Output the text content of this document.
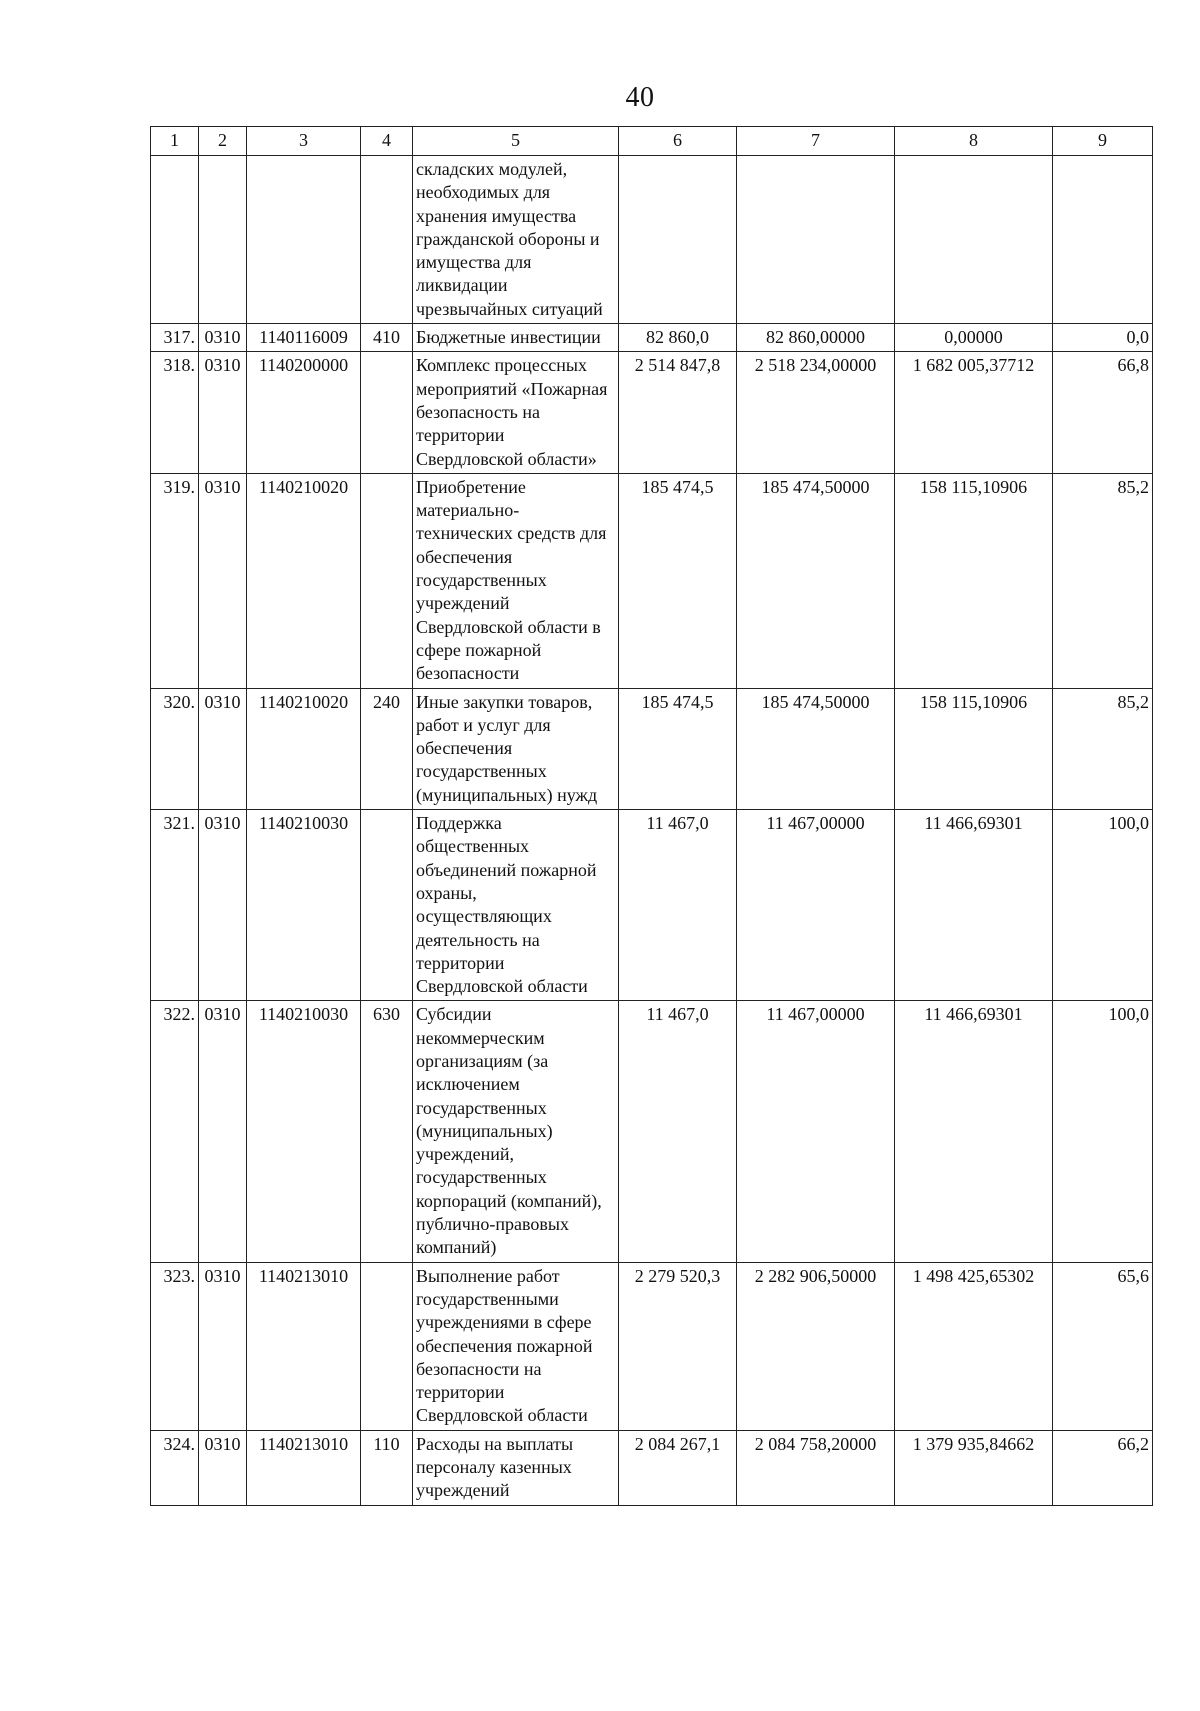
40
1	2	3	4	5	6	7	8	9
				складских модулей, необходимых для хранения имущества гражданской обороны и имущества для ликвидации чрезвычайных ситуаций				
317.	0310	1140116009	410	Бюджетные инвестиции	82 860,0	82 860,00000	0,00000	0,0
318.	0310	1140200000		Комплекс процессных мероприятий «Пожарная безопасность на территории Свердловской области»	2 514 847,8	2 518 234,00000	1 682 005,37712	66,8
319.	0310	1140210020		Приобретение материально-технических средств для обеспечения государственных учреждений Свердловской области в сфере пожарной безопасности	185 474,5	185 474,50000	158 115,10906	85,2
320.	0310	1140210020	240	Иные закупки товаров, работ и услуг для обеспечения государственных (муниципальных) нужд	185 474,5	185 474,50000	158 115,10906	85,2
321.	0310	1140210030		Поддержка общественных объединений пожарной охраны, осуществляющих деятельность на территории Свердловской области	11 467,0	11 467,00000	11 466,69301	100,0
322.	0310	1140210030	630	Субсидии некоммерческим организациям (за исключением государственных (муниципальных) учреждений, государственных корпораций (компаний), публично-правовых компаний)	11 467,0	11 467,00000	11 466,69301	100,0
323.	0310	1140213010		Выполнение работ государственными учреждениями в сфере обеспечения пожарной безопасности на территории Свердловской области	2 279 520,3	2 282 906,50000	1 498 425,65302	65,6
324.	0310	1140213010	110	Расходы на выплаты персоналу казенных учреждений	2 084 267,1	2 084 758,20000	1 379 935,84662	66,2
